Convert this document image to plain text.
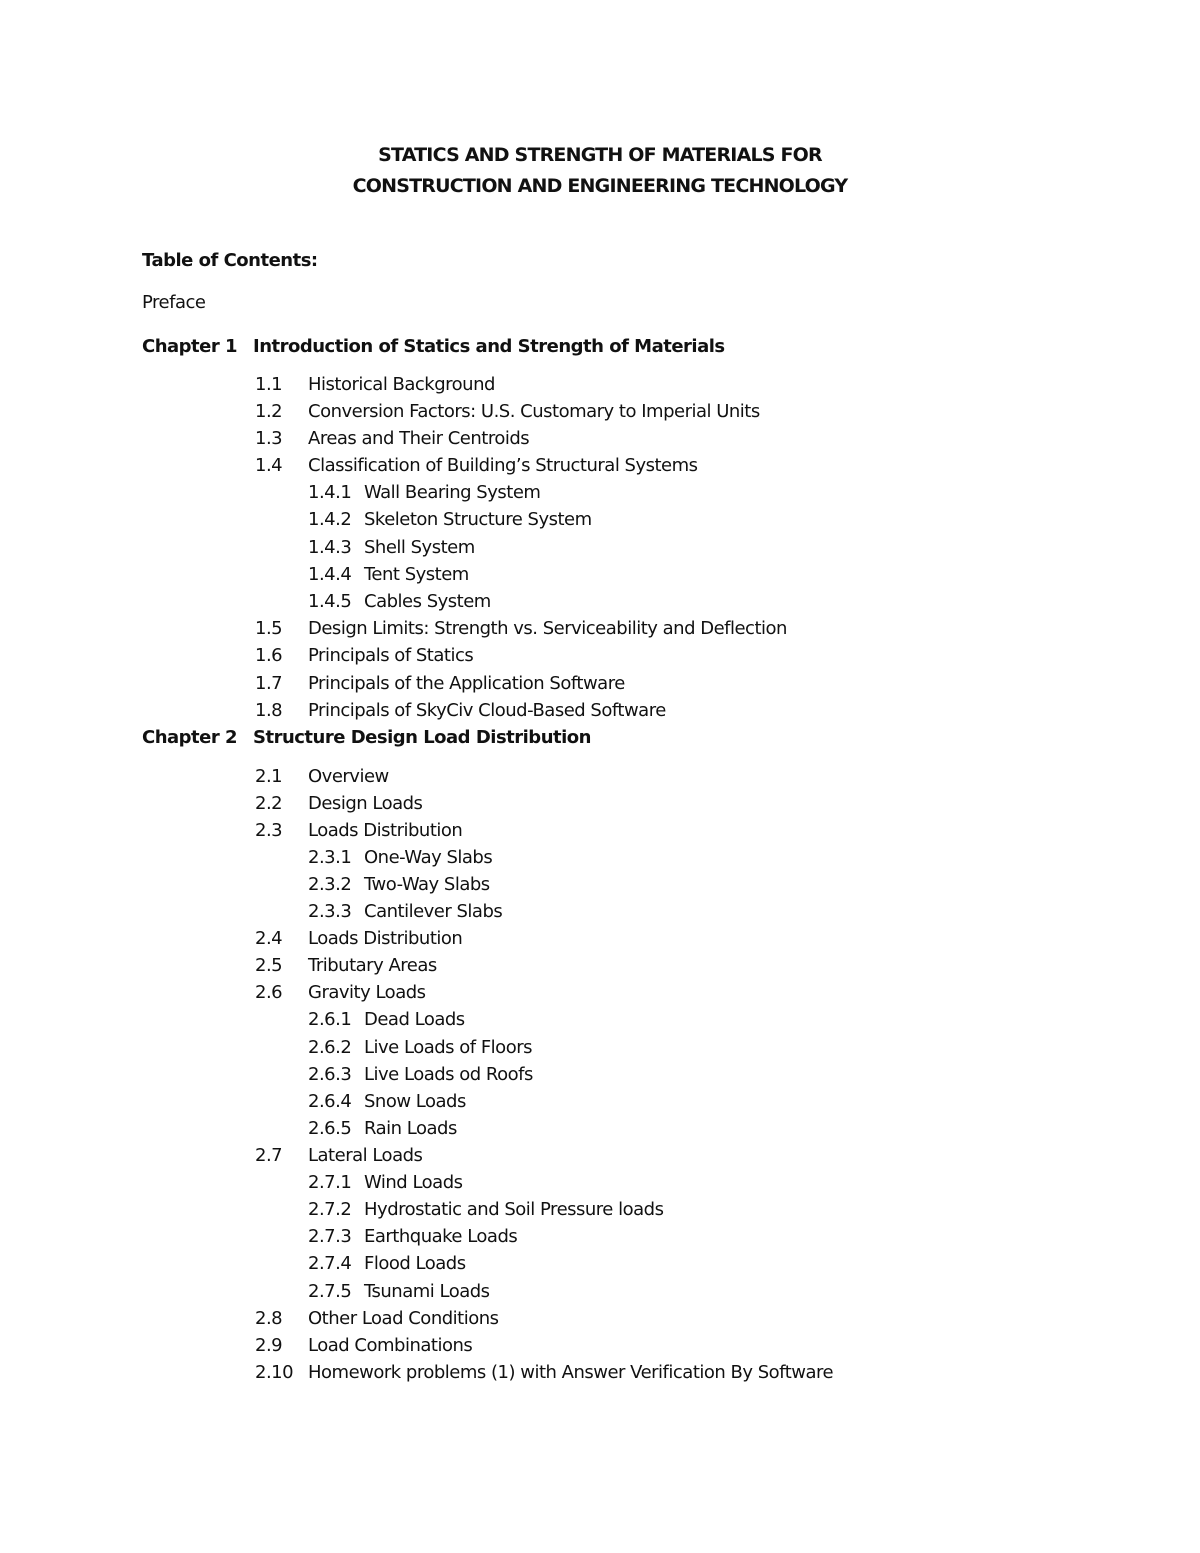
STATICS AND STRENGTH OF MATERIALS FOR
CONSTRUCTION AND ENGINEERING TECHNOLOGY
Table of Contents:
Preface
Chapter 1 Introduction of Statics and Strength of Materials
1.1 Historical Background
1.2 Conversion Factors: U.S. Customary to Imperial Units
1.3 Areas and Their Centroids
1.4 Classification of Building’s Structural Systems
1.4.1 Wall Bearing System
1.4.2 Skeleton Structure System
1.4.3 Shell System
1.4.4 Tent System
1.4.5 Cables System
1.5 Design Limits: Strength vs. Serviceability and Deflection
1.6 Principals of Statics
1.7 Principals of the Application Software
1.8 Principals of SkyCiv Cloud-Based Software
Chapter 2 Structure Design Load Distribution
2.1 Overview
2.2 Design Loads
2.3 Loads Distribution
2.3.1 One-Way Slabs
2.3.2 Two-Way Slabs
2.3.3 Cantilever Slabs
2.4 Loads Distribution
2.5 Tributary Areas
2.6 Gravity Loads
2.6.1 Dead Loads
2.6.2 Live Loads of Floors
2.6.3 Live Loads od Roofs
2.6.4 Snow Loads
2.6.5 Rain Loads
2.7 Lateral Loads
2.7.1 Wind Loads
2.7.2 Hydrostatic and Soil Pressure loads
2.7.3 Earthquake Loads
2.7.4 Flood Loads
2.7.5 Tsunami Loads
2.8 Other Load Conditions
2.9 Load Combinations
2.10 Homework problems (1) with Answer Verification By Software
